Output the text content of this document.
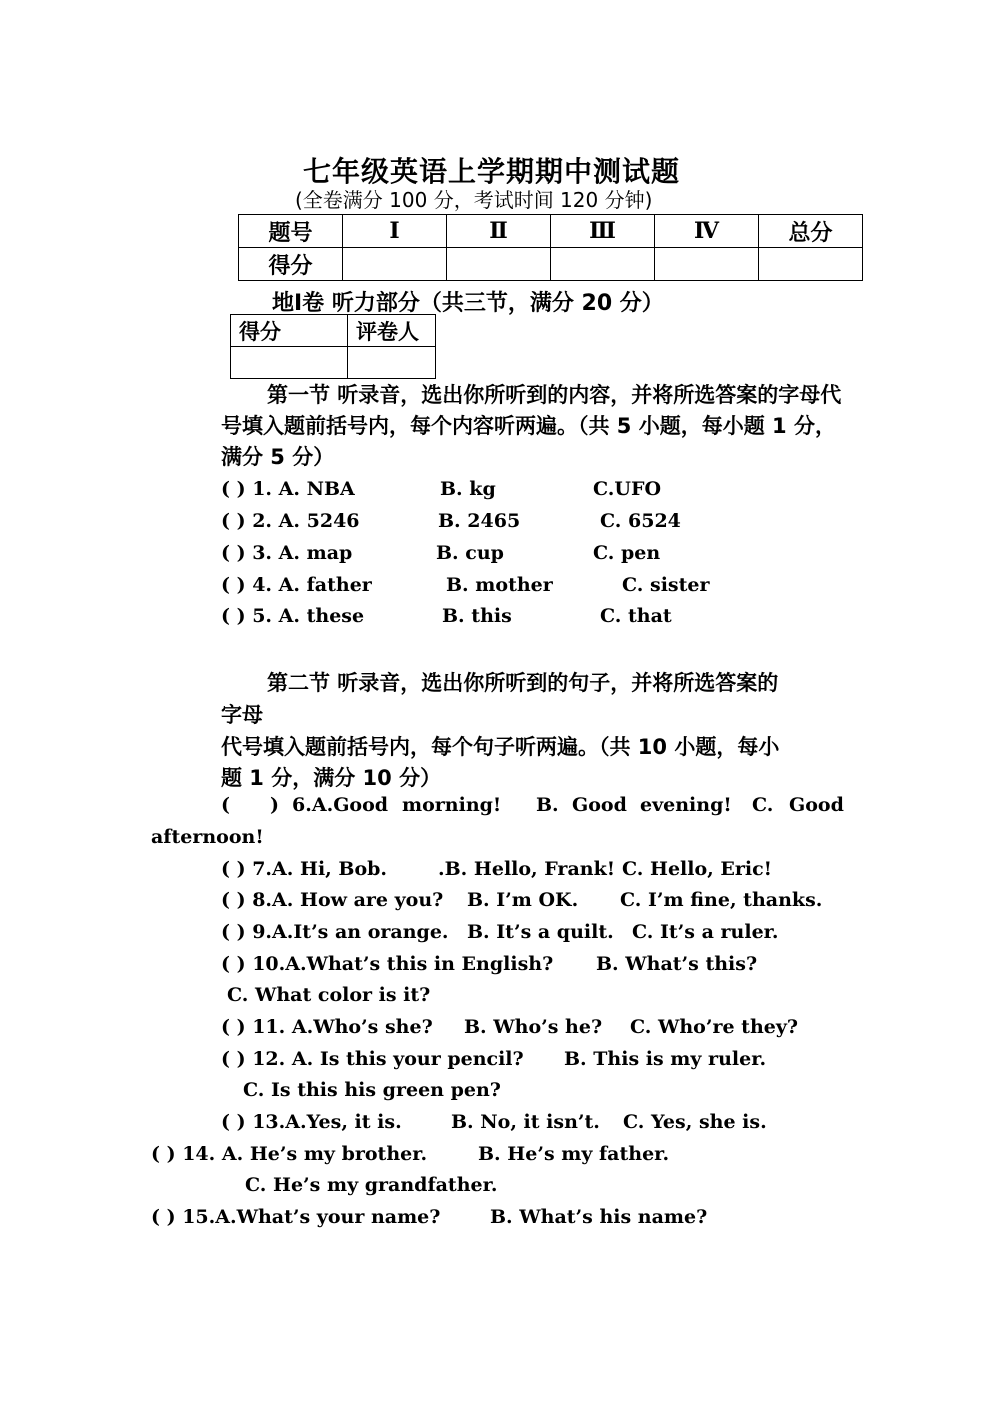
七年级英语上学期期中测试题
(全卷满分 100 分，考试时间 120 分钟)
题号	Ⅰ	Ⅱ	Ⅲ	Ⅳ	总分
得分					
地Ⅰ卷 听力部分（共三节，满分 20 分）
得分	评卷人

第一节 听录音，选出你所听到的内容，并将所选答案的字母代号填入题前括号内，每个内容听两遍。（共 5 小题，每小题 1 分，满分 5 分）
( ) 1. A. NBA	B. kg	C.UFO
( ) 2. A. 5246	B. 2465	C. 6524
( ) 3. A. map	B. cup	C. pen
( ) 4. A. father	B. mother	C. sister
( ) 5. A. these	B. this	C. that
第二节 听录音，选出你所听到的句子，并将所选答案的
字母
代号填入题前括号内，每个句子听两遍。（共 10 小题，每小
题 1 分，满分 10 分）
( ) 6.A.Good morning! B. Good evening! C. Good
afternoon!
( ) 7.A. Hi, Bob.	.B. Hello, Frank! C. Hello, Eric!
( ) 8.A. How are you? B. I’m OK. C. I’m fine, thanks.
( ) 9.A.It’s an orange. B. It’s a quilt. C. It’s a ruler.
( ) 10.A.What’s this in English? B. What’s this?
C. What color is it?
( ) 11. A.Who’s she? B. Who’s he? C. Who’re they?
( ) 12. A. Is this your pencil? B. This is my ruler.
C. Is this his green pen?
( ) 13.A.Yes, it is.	B. No, it isn’t. C. Yes, she is.
( ) 14. A. He’s my brother.	B. He’s my father.
C. He’s my grandfather.
( ) 15.A.What’s your name?	B. What’s his name?
